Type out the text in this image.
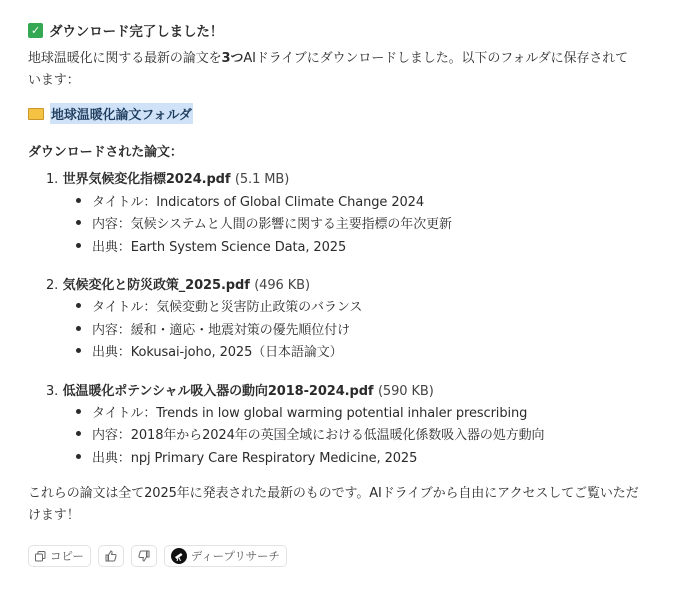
✓ ダウンロード完了しました！
地球温暖化に関する最新の論文を3つAIドライブにダウンロードしました。以下のフォルダに保存されています：
地球温暖化論文フォルダ
ダウンロードされた論文：
1. 世界気候変化指標2024.pdf (5.1 MB)
タイトル：Indicators of Global Climate Change 2024
内容：気候システムと人間の影響に関する主要指標の年次更新
出典：Earth System Science Data, 2025
2. 気候変化と防災政策_2025.pdf (496 KB)
タイトル：気候変動と災害防止政策のバランス
内容：緩和・適応・地震対策の優先順位付け
出典：Kokusai-joho, 2025（日本語論文）
3. 低温暖化ポテンシャル吸入器の動向2018-2024.pdf (590 KB)
タイトル：Trends in low global warming potential inhaler prescribing
内容：2018年から2024年の英国全域における低温暖化係数吸入器の処方動向
出典：npj Primary Care Respiratory Medicine, 2025
これらの論文は全て2025年に発表された最新のものです。AIドライブから自由にアクセスしてご覧いただけます！
コピー	ディープリサーチ
